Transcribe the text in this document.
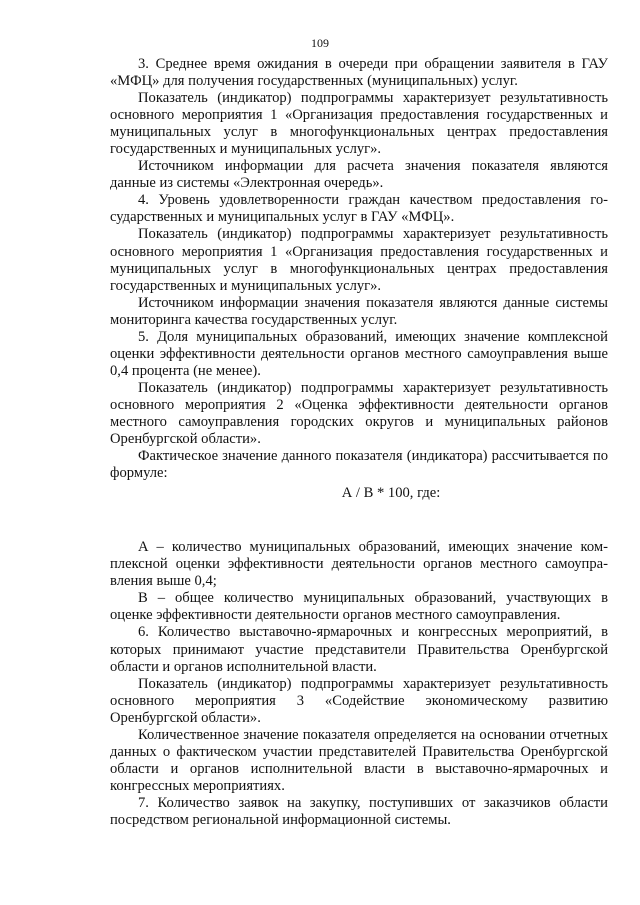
109

3. Среднее время ожидания в очереди при обращении заявителя в ГАУ «МФЦ» для получения государственных (муниципальных) услуг.

Показатель (индикатор) подпрограммы характеризует результативность основного мероприятия 1 «Организация предоставления государственных и муниципальных услуг в многофункциональных центрах предоставления государственных и муниципальных услуг».

Источником информации для расчета значения показателя являются данные из системы «Электронная очередь».

4. Уровень удовлетворенности граждан качеством предоставления государственных и муниципальных услуг в ГАУ «МФЦ».

Показатель (индикатор) подпрограммы характеризует результативность основного мероприятия 1 «Организация предоставления государственных и муниципальных услуг в многофункциональных центрах предоставления государственных и муниципальных услуг».

Источником информации значения показателя являются данные системы мониторинга качества государственных услуг.

5. Доля муниципальных образований, имеющих значение комплексной оценки эффективности деятельности органов местного самоуправления выше 0,4 процента (не менее).

Показатель (индикатор) подпрограммы характеризует результативность основного мероприятия 2 «Оценка эффективности деятельности органов местного самоуправления городских округов и муниципальных районов Оренбургской области».

Фактическое значение данного показателя (индикатора) рассчитывается по формуле:

А / В * 100, где:

А – количество муниципальных образований, имеющих значение комплексной оценки эффективности деятельности органов местного самоуправления выше 0,4;

В – общее количество муниципальных образований, участвующих в оценке эффективности деятельности органов местного самоуправления.

6. Количество выставочно-ярмарочных и конгрессных мероприятий, в которых принимают участие представители Правительства Оренбургской области и органов исполнительной власти.

Показатель (индикатор) подпрограммы характеризует результативность основного мероприятия 3 «Содействие экономическому развитию Оренбургской области».

Количественное значение показателя определяется на основании отчетных данных о фактическом участии представителей Правительства Оренбургской области и органов исполнительной власти в выставочно-ярмарочных и конгрессных мероприятиях.

7. Количество заявок на закупку, поступивших от заказчиков области посредством региональной информационной системы.
